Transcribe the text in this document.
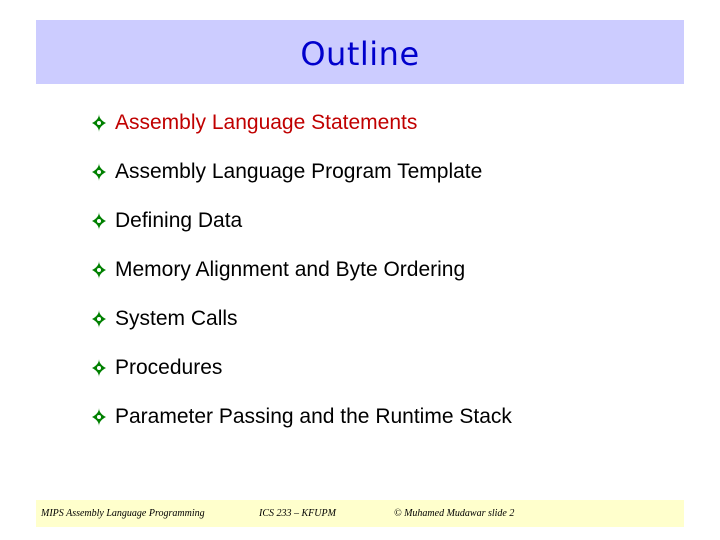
Outline
Assembly Language Statements
Assembly Language Program Template
Defining Data
Memory Alignment and Byte Ordering
System Calls
Procedures
Parameter Passing and the Runtime Stack
MIPS Assembly Language Programming	ICS 233 – KFUPM	© Muhamed Mudawar slide 2
